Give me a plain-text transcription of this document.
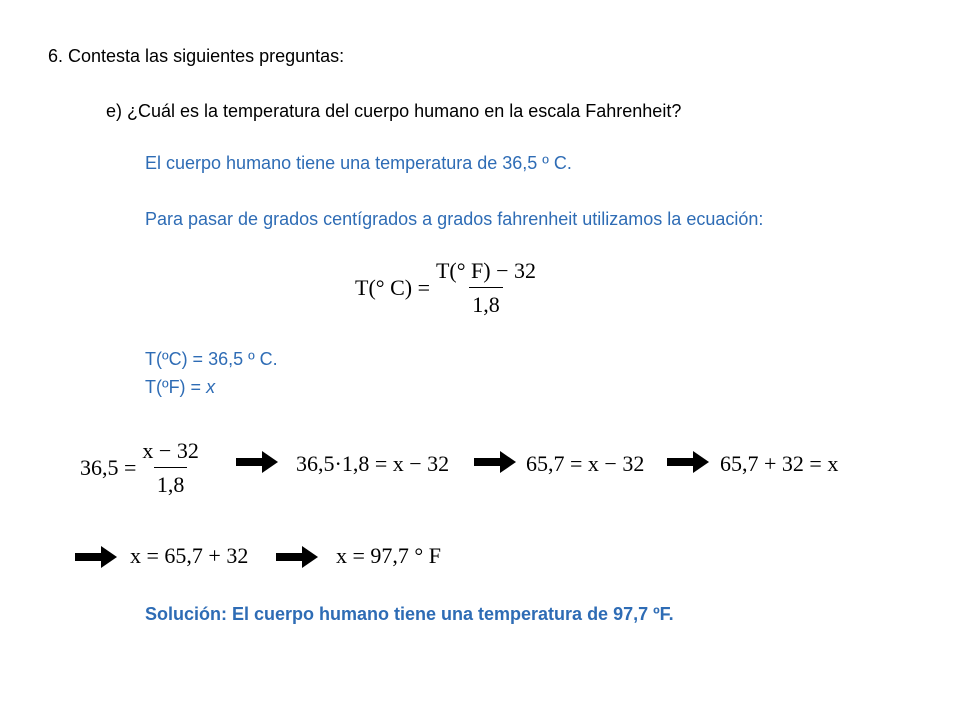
6. Contesta las siguientes preguntas:
e) ¿Cuál es la temperatura del cuerpo humano en la escala Fahrenheit?
El cuerpo humano tiene una temperatura de 36,5 º C.
Para pasar de grados centígrados a grados fahrenheit utilizamos la ecuación:
T(° $C) = \frac{T(^\circ F) - 32}{1,8}$
T(ºC) = 36,5 º C.
T(ºF) = x
$36,5 = \frac{x - 32}{1,8}$	36,5·1,8 = x − 32	65,7 = x − 32	65,7 + 32 = x
x = 65,7 + 32	x = 97,7 ° F
Solución: El cuerpo humano tiene una temperatura de 97,7 ºF.
